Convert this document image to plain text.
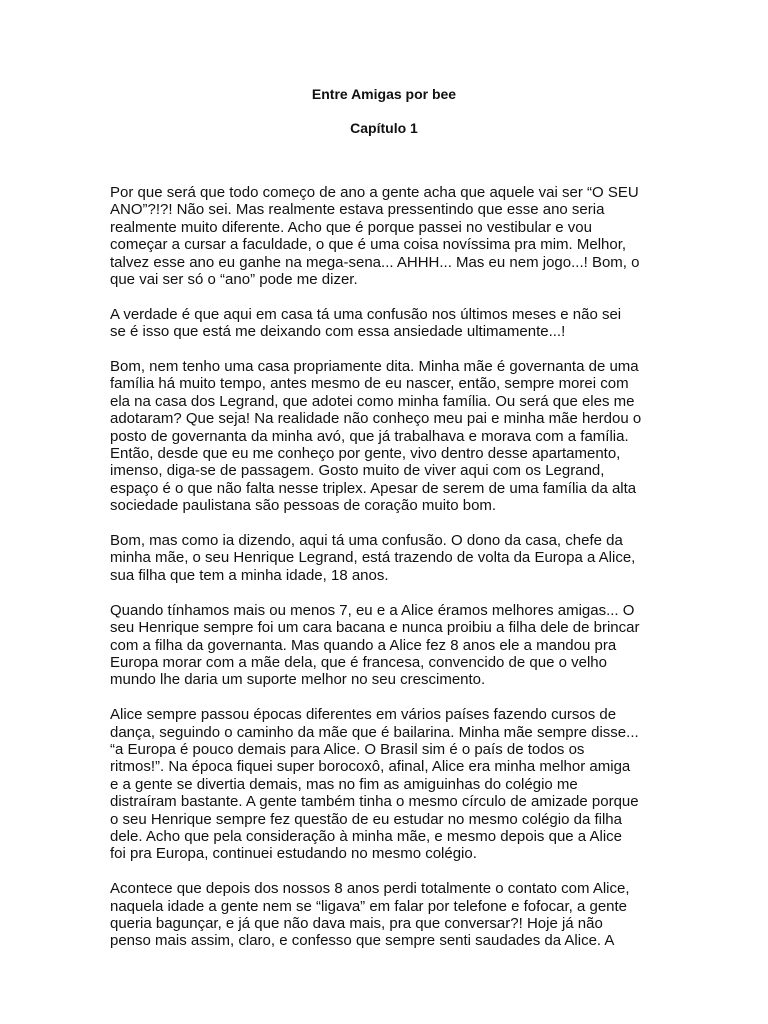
Entre Amigas por bee
Capítulo 1
Por que será que todo começo de ano a gente acha que aquele vai ser “O SEU
ANO”?!?! Não sei. Mas realmente estava pressentindo que esse ano seria
realmente muito diferente. Acho que é porque passei no vestibular e vou
começar a cursar a faculdade, o que é uma coisa novíssima pra mim. Melhor,
talvez esse ano eu ganhe na mega-sena... AHHH... Mas eu nem jogo...! Bom, o
que vai ser só o “ano” pode me dizer.
A verdade é que aqui em casa tá uma confusão nos últimos meses e não sei
se é isso que está me deixando com essa ansiedade ultimamente...!
Bom, nem tenho uma casa propriamente dita. Minha mãe é governanta de uma
família há muito tempo, antes mesmo de eu nascer, então, sempre morei com
ela na casa dos Legrand, que adotei como minha família. Ou será que eles me
adotaram? Que seja! Na realidade não conheço meu pai e minha mãe herdou o
posto de governanta da minha avó, que já trabalhava e morava com a família.
Então, desde que eu me conheço por gente, vivo dentro desse apartamento,
imenso, diga-se de passagem. Gosto muito de viver aqui com os Legrand,
espaço é o que não falta nesse triplex. Apesar de serem de uma família da alta
sociedade paulistana são pessoas de coração muito bom.
Bom, mas como ia dizendo, aqui tá uma confusão. O dono da casa, chefe da
minha mãe, o seu Henrique Legrand, está trazendo de volta da Europa a Alice,
sua filha que tem a minha idade, 18 anos.
Quando tínhamos mais ou menos 7, eu e a Alice éramos melhores amigas... O
seu Henrique sempre foi um cara bacana e nunca proibiu a filha dele de brincar
com a filha da governanta. Mas quando a Alice fez 8 anos ele a mandou pra
Europa morar com a mãe dela, que é francesa, convencido de que o velho
mundo lhe daria um suporte melhor no seu crescimento.
Alice sempre passou épocas diferentes em vários países fazendo cursos de
dança, seguindo o caminho da mãe que é bailarina. Minha mãe sempre disse...
“a Europa é pouco demais para Alice. O Brasil sim é o país de todos os
ritmos!”. Na época fiquei super borocoxô, afinal, Alice era minha melhor amiga
e a gente se divertia demais, mas no fim as amiguinhas do colégio me
distraíram bastante. A gente também tinha o mesmo círculo de amizade porque
o seu Henrique sempre fez questão de eu estudar no mesmo colégio da filha
dele. Acho que pela consideração à minha mãe, e mesmo depois que a Alice
foi pra Europa, continuei estudando no mesmo colégio.
Acontece que depois dos nossos 8 anos perdi totalmente o contato com Alice,
naquela idade a gente nem se “ligava” em falar por telefone e fofocar, a gente
queria bagunçar, e já que não dava mais, pra que conversar?! Hoje já não
penso mais assim, claro, e confesso que sempre senti saudades da Alice. A
